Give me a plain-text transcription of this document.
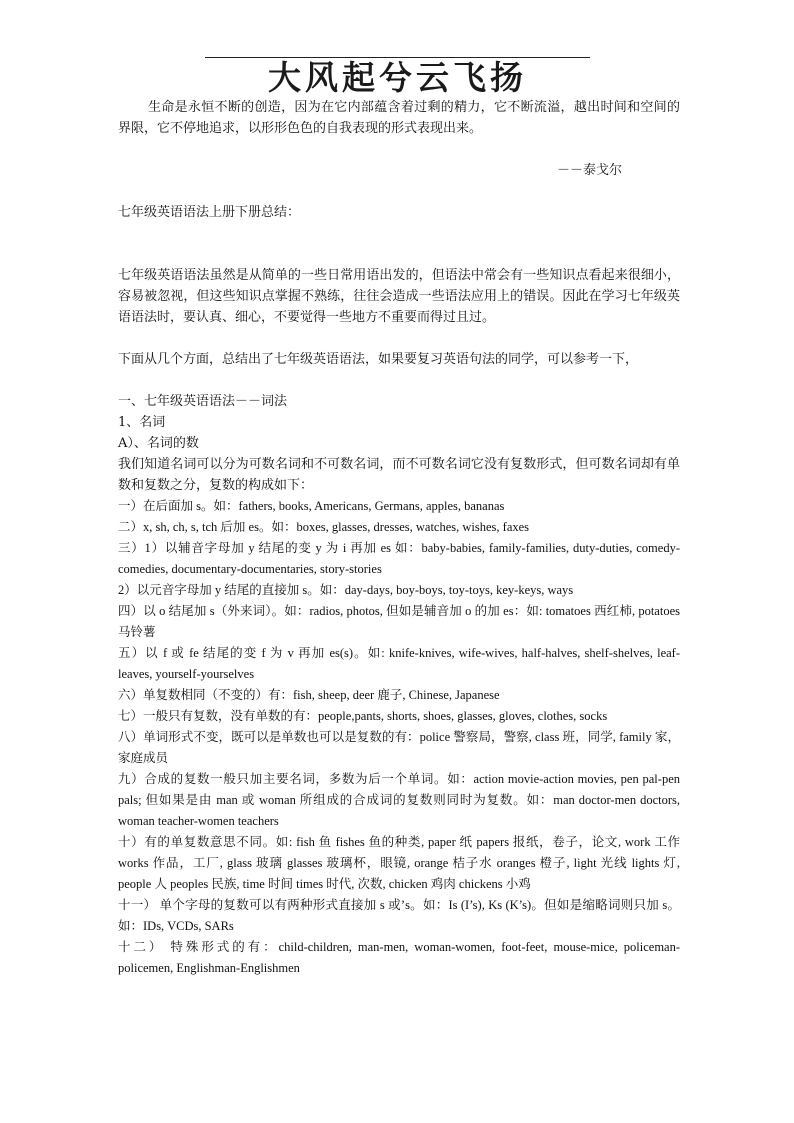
大风起兮云飞扬

生命是永恒不断的创造，因为在它内部蕴含着过剩的精力，它不断流溢，越出时间和空间的界限，它不停地追求，以形形色色的自我表现的形式表现出来。

－－泰戈尔

七年级英语语法上册下册总结：

七年级英语语法虽然是从简单的一些日常用语出发的，但语法中常会有一些知识点看起来很细小，容易被忽视，但这些知识点掌握不熟练，往往会造成一些语法应用上的错误。因此在学习七年级英语语法时，要认真、细心，不要觉得一些地方不重要而得过且过。

下面从几个方面，总结出了七年级英语语法，如果要复习英语句法的同学，可以参考一下，

一、七年级英语语法－－词法

1、名词

A）、名词的数

我们知道名词可以分为可数名词和不可数名词，而不可数名词它没有复数形式，但可数名词却有单数和复数之分，复数的构成如下：

一）在后面加 s。如：fathers, books, Americans, Germans, apples, bananas

二）x, sh, ch, s, tch 后加 es。如：boxes, glasses, dresses, watches, wishes, faxes

三）1）以辅音字母加 y 结尾的变 y 为 i 再加 es 如：baby-babies, family-families, duty-duties, comedy-comedies, documentary-documentaries, story-stories

2）以元音字母加 y 结尾的直接加 s。如：day-days, boy-boys, toy-toys, key-keys, ways

四）以 o 结尾加 s（外来词）。如：radios, photos, 但如是辅音加 o 的加 es：如: tomatoes 西红柿, potatoes 马铃薯

五）以 f 或 fe 结尾的变 f 为 v 再加 es(s)。如: knife-knives, wife-wives, half-halves, shelf-shelves, leaf-leaves, yourself-yourselves

六）单复数相同（不变的）有：fish, sheep, deer 鹿子, Chinese, Japanese

七）一般只有复数，没有单数的有：people,pants, shorts, shoes, glasses, gloves, clothes, socks

八）单词形式不变，既可以是单数也可以是复数的有：police 警察局，警察, class 班，同学, family 家，家庭成员

九）合成的复数一般只加主要名词，多数为后一个单词。如：action movie-action movies, pen pal-pen pals; 但如果是由 man 或 woman 所组成的合成词的复数则同时为复数。如：man doctor-men doctors, woman teacher-women teachers

十）有的单复数意思不同。如: fish 鱼 fishes 鱼的种类, paper 纸 papers 报纸，卷子，论文, work 工作 works 作品，工厂, glass 玻璃 glasses 玻璃杯，眼镜, orange 桔子水 oranges 橙子, light 光线 lights 灯, people 人 peoples 民族, time 时间 times 时代, 次数, chicken 鸡肉 chickens 小鸡

十一） 单个字母的复数可以有两种形式直接加 s 或’s。如：Is (I’s), Ks (K’s)。但如是缩略词则只加 s。如：IDs, VCDs, SARs

十二） 特殊形式的有：child-children, man-men, woman-women, foot-feet, mouse-mice, policeman-policemen, Englishman-Englishmen
